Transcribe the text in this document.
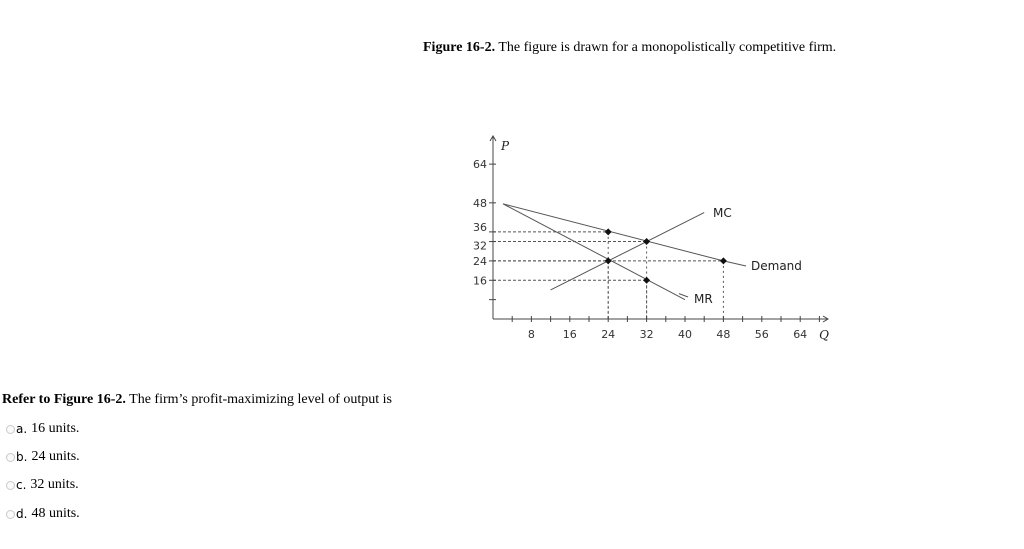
Figure 16-2. The figure is drawn for a monopolistically competitive firm.
8	16 24 32 40 48 56 64 Q
64
48
36
32
24
16
P
Demand
MR
MC
Refer to Figure 16-2. The firm’s profit-maximizing level of output is
a. 16 units.
b. 24 units.
c. 32 units.
d. 48 units.
